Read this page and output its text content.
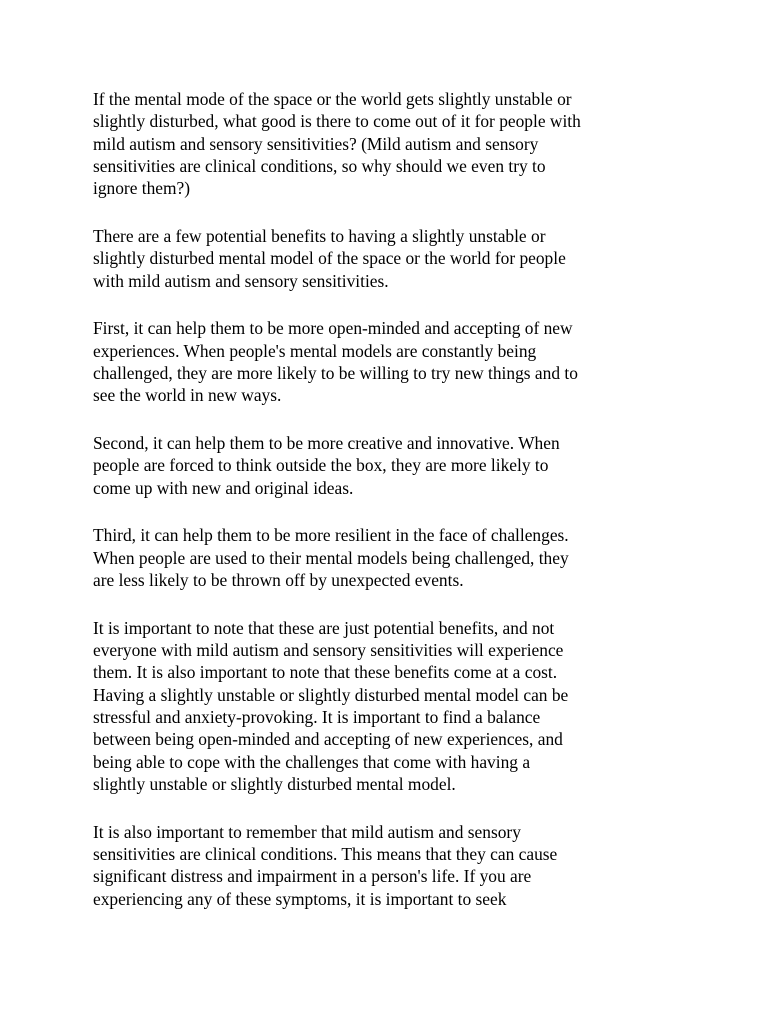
If the mental mode of the space or the world gets slightly unstable or
slightly disturbed, what good is there to come out of it for people with
mild autism and sensory sensitivities? (Mild autism and sensory
sensitivities are clinical conditions, so why should we even try to
ignore them?)

There are a few potential benefits to having a slightly unstable or
slightly disturbed mental model of the space or the world for people
with mild autism and sensory sensitivities.

First, it can help them to be more open-minded and accepting of new
experiences. When people's mental models are constantly being
challenged, they are more likely to be willing to try new things and to
see the world in new ways.

Second, it can help them to be more creative and innovative. When
people are forced to think outside the box, they are more likely to
come up with new and original ideas.

Third, it can help them to be more resilient in the face of challenges.
When people are used to their mental models being challenged, they
are less likely to be thrown off by unexpected events.

It is important to note that these are just potential benefits, and not
everyone with mild autism and sensory sensitivities will experience
them. It is also important to note that these benefits come at a cost.
Having a slightly unstable or slightly disturbed mental model can be
stressful and anxiety-provoking. It is important to find a balance
between being open-minded and accepting of new experiences, and
being able to cope with the challenges that come with having a
slightly unstable or slightly disturbed mental model.

It is also important to remember that mild autism and sensory
sensitivities are clinical conditions. This means that they can cause
significant distress and impairment in a person's life. If you are
experiencing any of these symptoms, it is important to seek
